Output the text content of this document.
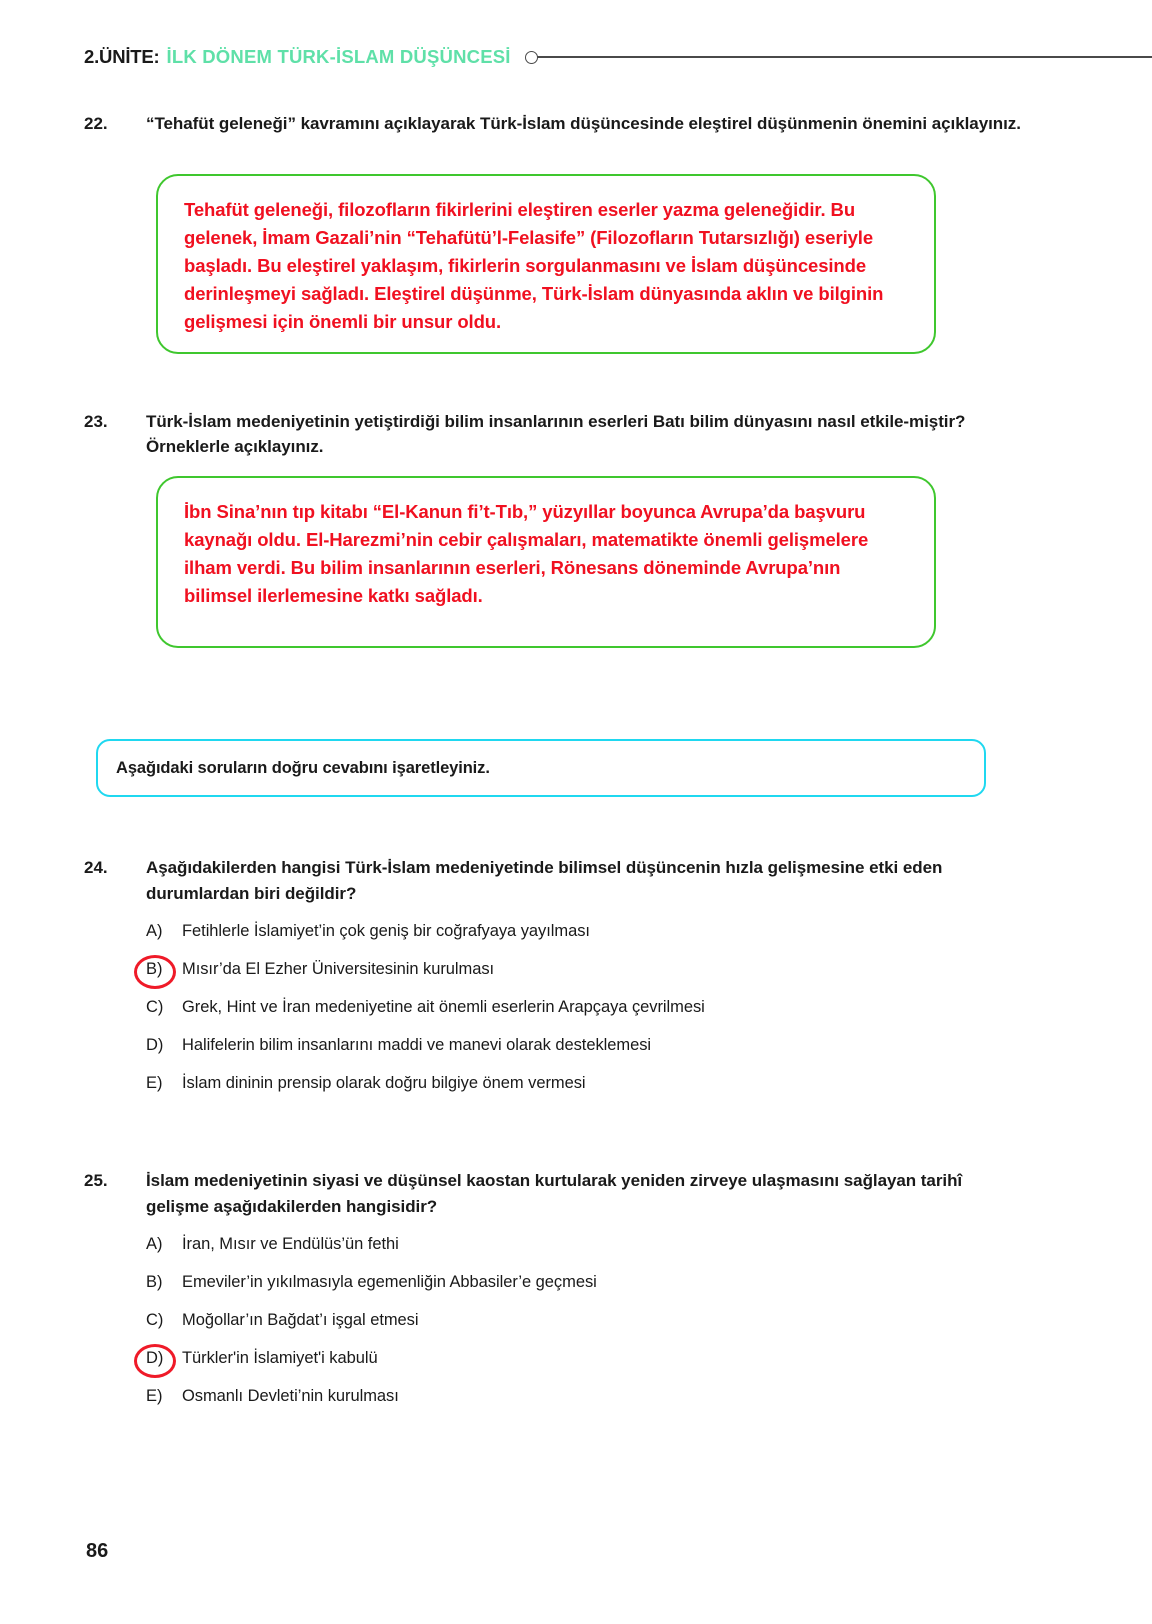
2.ÜNİTE: İLK DÖNEM TÜRK-İSLAM DÜŞÜNCESİ
22.	“Tehafüt geleneği” kavramını açıklayarak Türk-İslam düşüncesinde eleştirel düşünmenin önemini açıklayınız.
Tehafüt geleneği, filozofların fikirlerini eleştiren eserler yazma geleneğidir. Bu gelenek, İmam Gazali’nin “Tehafütü’l-Felasife” (Filozofların Tutarsızlığı) eseriyle başladı. Bu eleştirel yaklaşım, fikirlerin sorgulanmasını ve İslam düşüncesinde derinleşmeyi sağladı. Eleştirel düşünme, Türk-İslam dünyasında aklın ve bilginin gelişmesi için önemli bir unsur oldu.
23.	Türk-İslam medeniyetinin yetiştirdiği bilim insanlarının eserleri Batı bilim dünyasını nasıl etkile-miştir? Örneklerle açıklayınız.
İbn Sina’nın tıp kitabı “El-Kanun fi’t-Tıb,” yüzyıllar boyunca Avrupa’da başvuru kaynağı oldu. El-Harezmi’nin cebir çalışmaları, matematikte önemli gelişmelere ilham verdi. Bu bilim insanlarının eserleri, Rönesans döneminde Avrupa’nın bilimsel ilerlemesine katkı sağladı.
Aşağıdaki soruların doğru cevabını işaretleyiniz.
24.	Aşağıdakilerden hangisi Türk-İslam medeniyetinde bilimsel düşüncenin hızla gelişmesine etki eden durumlardan biri değildir?
A)	Fetihlerle İslamiyet’in çok geniş bir coğrafyaya yayılması
B)	Mısır’da El Ezher Üniversitesinin kurulması
C)	Grek, Hint ve İran medeniyetine ait önemli eserlerin Arapçaya çevrilmesi
D)	Halifelerin bilim insanlarını maddi ve manevi olarak desteklemesi
E)	İslam dininin prensip olarak doğru bilgiye önem vermesi
25.	İslam medeniyetinin siyasi ve düşünsel kaostan kurtularak yeniden zirveye ulaşmasını sağlayan tarihî gelişme aşağıdakilerden hangisidir?
A)	İran, Mısır ve Endülüs’ün fethi
B)	Emeviler’in yıkılmasıyla egemenliğin Abbasiler’e geçmesi
C)	Moğollar’ın Bağdat’ı işgal etmesi
D)	Türkler'in İslamiyet'i kabulü
E)	Osmanlı Devleti’nin kurulması
86
